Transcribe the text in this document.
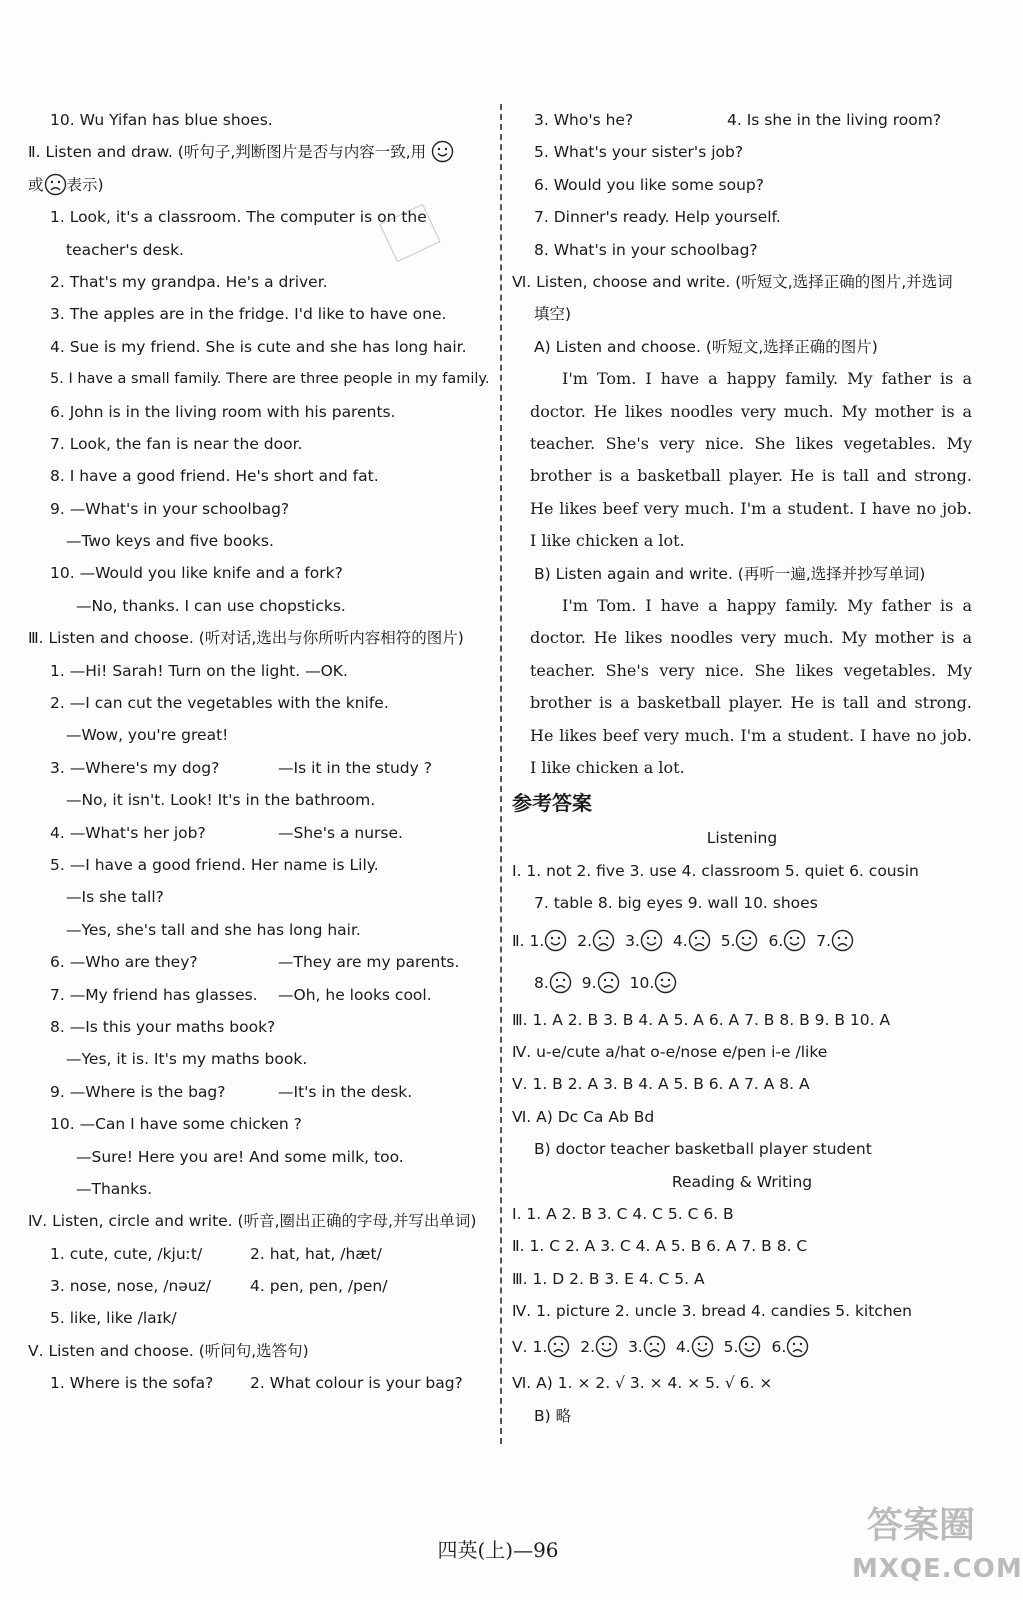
10. Wu Yifan has blue shoes.
Ⅱ. Listen and draw. (听句子,判断图片是否与内容一致,用
或 表示)
1. Look, it's a classroom. The computer is on the
teacher's desk.
2. That's my grandpa. He's a driver.
3. The apples are in the fridge. I'd like to have one.
4. Sue is my friend. She is cute and she has long hair.
5. I have a small family. There are three people in my family.
6. John is in the living room with his parents.
7. Look, the fan is near the door.
8. I have a good friend. He's short and fat.
9. —What's in your schoolbag?
—Two keys and five books.
10. —Would you like knife and a fork?
—No, thanks. I can use chopsticks.
Ⅲ. Listen and choose. (听对话,选出与你所听内容相符的图片)
1. —Hi! Sarah! Turn on the light. —OK.
2. —I can cut the vegetables with the knife.
—Wow, you're great!
3. —Where's my dog?	—Is it in the study ?
—No, it isn't. Look! It's in the bathroom.
4. —What's her job?	—She's a nurse.
5. —I have a good friend. Her name is Lily.
—Is she tall?
—Yes, she's tall and she has long hair.
6. —Who are they?	—They are my parents.
7. —My friend has glasses. —Oh, he looks cool.
8. —Is this your maths book?
—Yes, it is. It's my maths book.
9. —Where is the bag?	—It's in the desk.
10. —Can I have some chicken ?
—Sure! Here you are! And some milk, too.
—Thanks.
Ⅳ. Listen, circle and write. (听音,圈出正确的字母,并写出单词)
1. cute, cute, /kjuːt/	2. hat, hat, /hæt/
3. nose, nose, /nəuz/	4. pen, pen, /pen/
5. like, like /laɪk/
Ⅴ. Listen and choose. (听问句,选答句)
1. Where is the sofa? 2. What colour is your bag?
3. Who's he?	4. Is she in the living room?
5. What's your sister's job?
6. Would you like some soup?
7. Dinner's ready. Help yourself.
8. What's in your schoolbag?
Ⅵ. Listen, choose and write. (听短文,选择正确的图片,并选词
填空)
A) Listen and choose. (听短文,选择正确的图片)

I'm Tom. I have a happy family. My father is a doctor. He likes noodles very much. My mother is a teacher. She's very nice. She likes vegetables. My brother is a basketball player. He is tall and strong. He likes beef very much. I'm a student. I have no job. I like chicken a lot.

B) Listen again and write. (再听一遍,选择并抄写单词)

I'm Tom. I have a happy family. My father is a doctor. He likes noodles very much. My mother is a teacher. She's very nice. She likes vegetables. My brother is a basketball player. He is tall and strong. He likes beef very much. I'm a student. I have no job. I like chicken a lot.

参考答案
Listening
Ⅰ. 1. not 2. five 3. use 4. classroom 5. quiet 6. cousin
7. table 8. big eyes 9. wall 10. shoes
Ⅱ. 1. 2. 3. 4. 5. 6. 7.
8. 9. 10.
Ⅲ. 1. A 2. B 3. B 4. A 5. A 6. A 7. B 8. B 9. B 10. A
Ⅳ. u-e/cute a/hat o-e/nose e/pen i-e /like
Ⅴ. 1. B 2. A 3. B 4. A 5. B 6. A 7. A 8. A
Ⅵ. A) Dc Ca Ab Bd
B) doctor teacher basketball player student
Reading & Writing
Ⅰ. 1. A 2. B 3. C 4. C 5. C 6. B
Ⅱ. 1. C 2. A 3. C 4. A 5. B 6. A 7. B 8. C
Ⅲ. 1. D 2. B 3. E 4. C 5. A
Ⅳ. 1. picture 2. uncle 3. bread 4. candies 5. kitchen
Ⅴ. 1. 2. 3. 4. 5. 6.
Ⅵ. A) 1. × 2. √ 3. × 4. × 5. √ 6. ×
B) 略
四英(上)—96
答案圈
MXQE.COM
